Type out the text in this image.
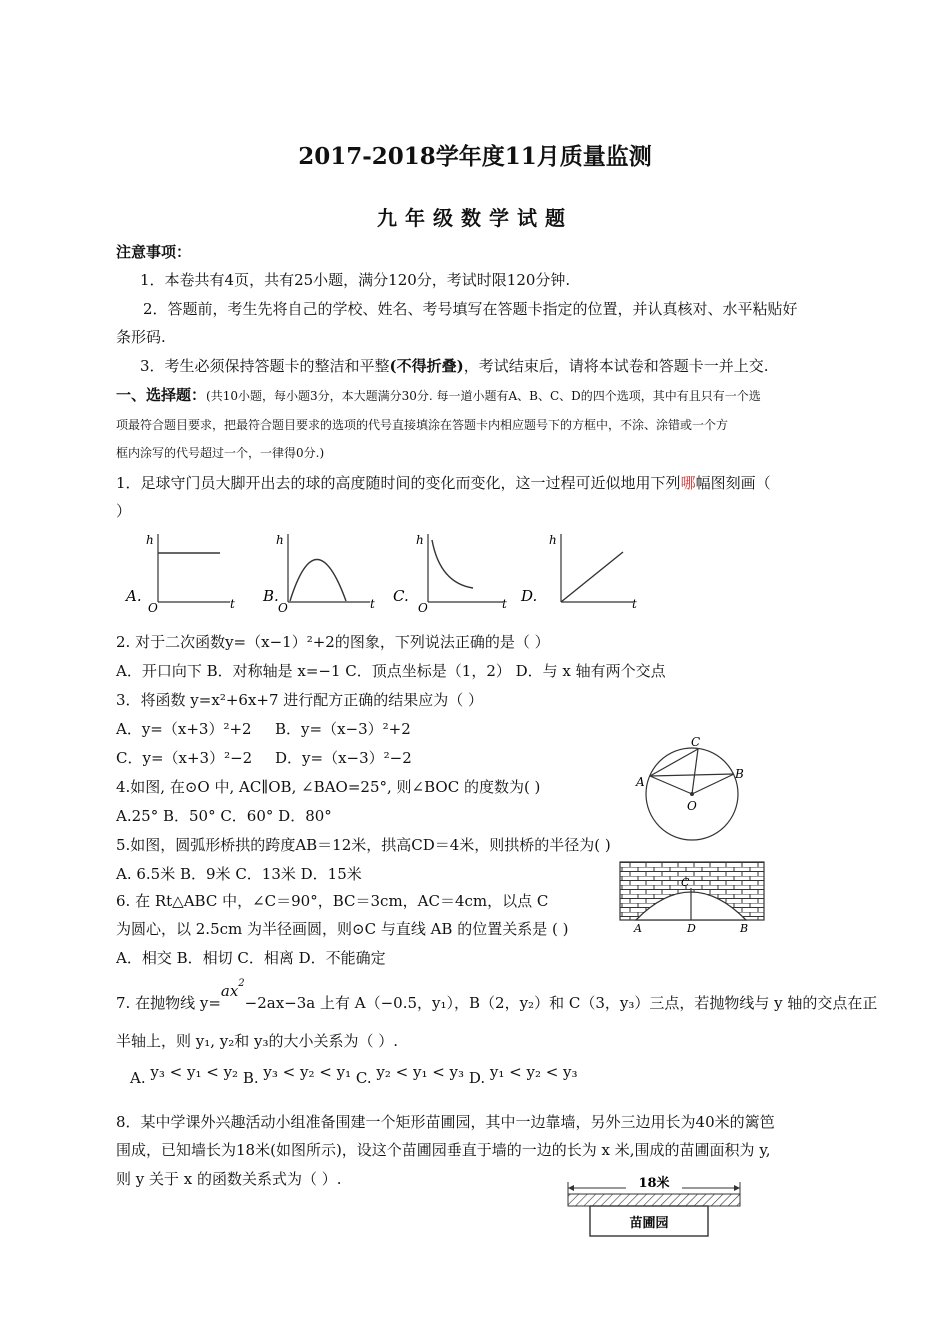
2017-2018学年度11月质量监测
九年级数学试题
注意事项：
1．本卷共有4页，共有25小题，满分120分，考试时限120分钟.
2．答题前，考生先将自己的学校、姓名、考号填写在答题卡指定的位置，并认真核对、水平粘贴好
条形码.
3．考生必须保持答题卡的整洁和平整(不得折叠)，考试结束后，请将本试卷和答题卡一并上交.
一、选择题：(共10小题，每小题3分，本大题满分30分. 每一道小题有A、B、C、D的四个选项，其中有且只有一个选
项最符合题目要求，把最符合题目要求的选项的代号直接填涂在答题卡内相应题号下的方框中，不涂、涂错或一个方
框内涂写的代号超过一个，一律得0分.)
1．足球守门员大脚开出去的球的高度随时间的变化而变化，这一过程可近似地用下列哪幅图刻画（
）
A.
h
t
O
B.
h
t
O
C.
h
t
O
D.
h
t
2. 对于二次函数y=（x−1）²+2的图象，下列说法正确的是（ ）
A．开口向下 B．对称轴是 x=−1 C．顶点坐标是（1，2） D．与 x 轴有两个交点
3．将函数 y=x²+6x+7 进行配方正确的结果应为（ ）
A．y=（x+3）²+2 B．y=（x−3）²+2
C．y=（x+3）²−2 D．y=（x−3）²−2
4.如图, 在⊙O 中, AC∥OB, ∠BAO=25°, 则∠BOC 的度数为( )
A.25° B．50° C．60° D．80°
C
A
B
O
5.如图，圆弧形桥拱的跨度AB＝12米，拱高CD＝4米，则拱桥的半径为( )
A. 6.5米 B．9米 C．13米 D．15米	C
A	D	B
6. 在 Rt△ABC 中，∠C＝90°，BC＝3cm，AC＝4cm，以点 C
为圆心，以 2.5cm 为半径画圆，则⊙C 与直线 AB 的位置关系是 ( )
A．相交 B．相切 C．相离 D．不能确定
7. 在抛物线 $y=ax^2-2ax-3a$ 上有 A（−0.5，y₁），B（2，y₂）和 C（3，y₃）三点，若抛物线与 y 轴的交点在正
半轴上，则 y₁, y₂和 y₃的大小关系为（ ）.
A. y₃ < y₁ < y₂ B. y₃ < y₂ < y₁ C. y₂ < y₁ < y₃ D. y₁ < y₂ < y₃
8．某中学课外兴趣活动小组准备围建一个矩形苗圃园，其中一边靠墙，另外三边用长为40米的篱笆
围成，已知墙长为18米(如图所示)，设这个苗圃园垂直于墙的一边的长为 x 米,围成的苗圃面积为 y,
则 y 关于 x 的函数关系式为（ ）.	18米
苗圃园
